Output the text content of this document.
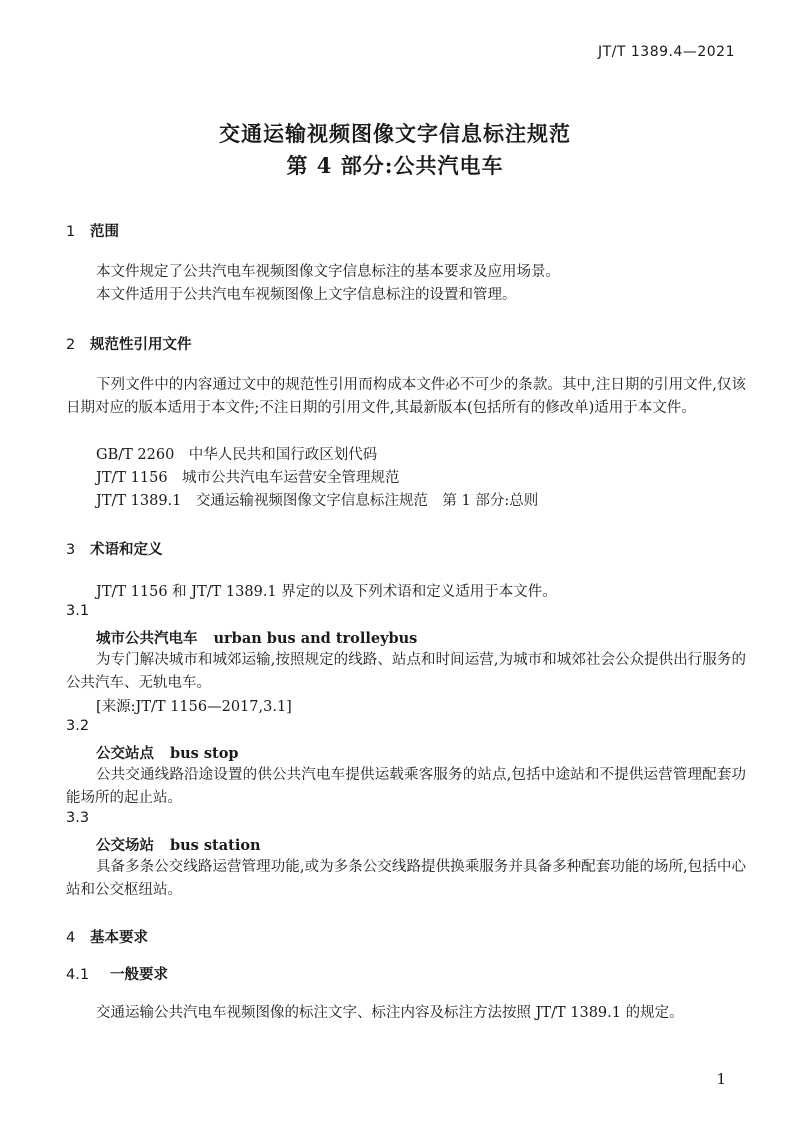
JT/T 1389.4—2021
交通运输视频图像文字信息标注规范
第 4 部分:公共汽电车
1 范围

本文件规定了公共汽电车视频图像文字信息标注的基本要求及应用场景。

本文件适用于公共汽电车视频图像上文字信息标注的设置和管理。

2 规范性引用文件

下列文件中的内容通过文中的规范性引用而构成本文件必不可少的条款。其中,注日期的引用文件,仅该日期对应的版本适用于本文件;不注日期的引用文件,其最新版本(包括所有的修改单)适用于本文件。

GB/T 2260　中华人民共和国行政区划代码
JT/T 1156　城市公共汽电车运营安全管理规范
JT/T 1389.1　交通运输视频图像文字信息标注规范　第 1 部分:总则
3 术语和定义
JT/T 1156 和 JT/T 1389.1 界定的以及下列术语和定义适用于本文件。
3.1
城市公共汽电车 urban bus and trolleybus

为专门解决城市和城郊运输,按照规定的线路、站点和时间运营,为城市和城郊社会公众提供出行服务的公共汽车、无轨电车。

[来源:JT/T 1156—2017,3.1]
3.2
公交站点 bus stop

公共交通线路沿途设置的供公共汽电车提供运载乘客服务的站点,包括中途站和不提供运营管理配套功能场所的起止站。

3.3
公交场站 bus station

具备多条公交线路运营管理功能,或为多条公交线路提供换乘服务并具备多种配套功能的场所,包括中心站和公交枢纽站。

4 基本要求
4.1 一般要求
交通运输公共汽电车视频图像的标注文字、标注内容及标注方法按照 JT/T 1389.1 的规定。
1
